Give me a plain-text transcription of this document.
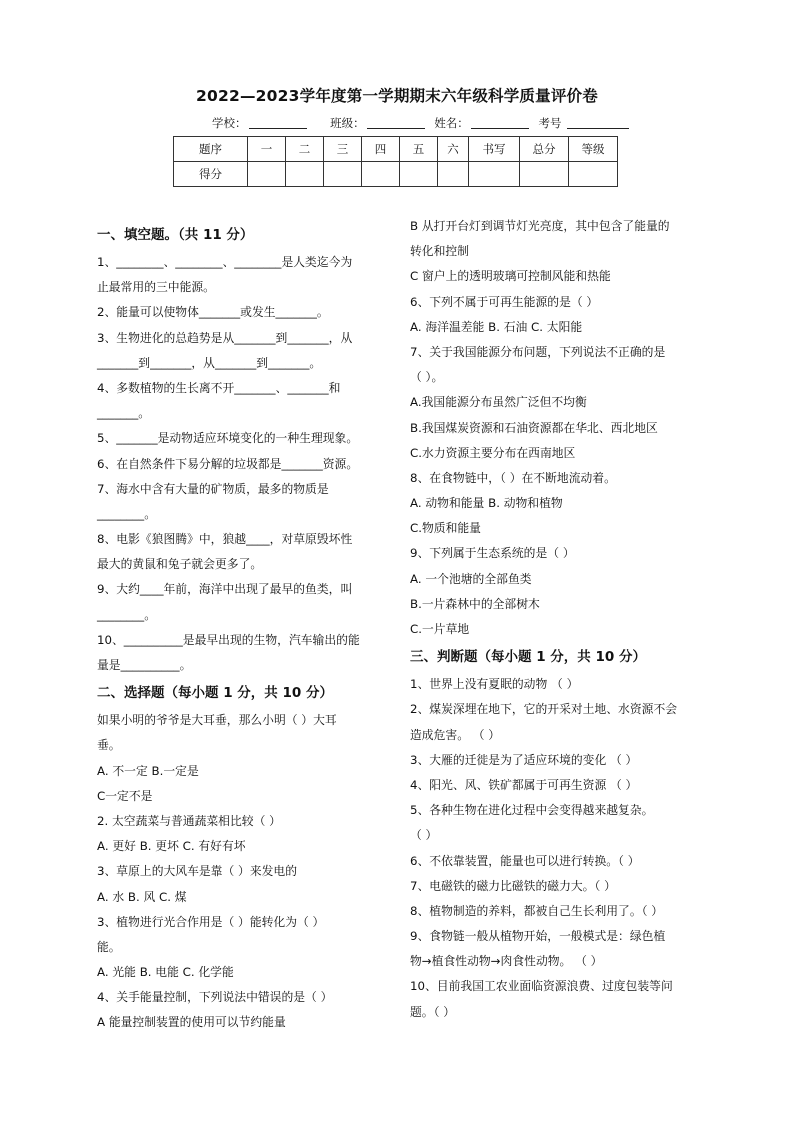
2022—2023学年度第一学期期末六年级科学质量评价卷
学校：	班级：	姓名：	考号
题序	一	二	三	四	五	六	书写	总分	等级
得分									
一、填空题。（共 11 分）
1、________、________、________是人类迄今为
止最常用的三中能源。
2、能量可以使物体_______或发生_______。
3、生物进化的总趋势是从_______到_______，从
_______到_______，从_______到_______。
4、多数植物的生长离不开_______、_______和
_______。
5、_______是动物适应环境变化的一种生理现象。
6、在自然条件下易分解的垃圾都是_______资源。
7、海水中含有大量的矿物质，最多的物质是
________。
8、电影《狼图腾》中，狼越____，对草原毁坏性
最大的黄鼠和兔子就会更多了。
9、大约____年前，海洋中出现了最早的鱼类，叫
________。
10、__________是最早出现的生物，汽车输出的能
量是__________。
二、选择题（每小题 1 分，共 10 分）
如果小明的爷爷是大耳垂，那么小明（ ）大耳
垂。
A. 不一定 B.一定是
C一定不是
2. 太空蔬菜与普通蔬菜相比较（ ）
A. 更好 B. 更坏 C. 有好有坏
3、草原上的大风车是靠（ ）来发电的
A. 水 B. 风 C. 煤
3、植物进行光合作用是（ ）能转化为（ ）
能。
A. 光能 B. 电能 C. 化学能
4、关手能量控制，下列说法中错误的是（ ）
A 能量控制装置的使用可以节约能量
B 从打开台灯到调节灯光亮度，其中包含了能量的
转化和控制
C 窗户上的透明玻璃可控制风能和热能
6、下列不属于可再生能源的是（ ）
A. 海洋温差能 B. 石油 C. 太阳能
7、关于我国能源分布问题，下列说法不正确的是
（ ）。
A.我国能源分布虽然广泛但不均衡
B.我国煤炭资源和石油资源都在华北、西北地区
C.水力资源主要分布在西南地区
8、在食物链中，（ ）在不断地流动着。
A. 动物和能量 B. 动物和植物
C.物质和能量
9、下列属于生态系统的是（ ）
A. 一个池塘的全部鱼类
B.一片森林中的全部树木
C.一片草地
三、判断题（每小题 1 分，共 10 分）
1、世界上没有夏眠的动物 （ ）
2、煤炭深埋在地下，它的开采对土地、水资源不会
造成危害。 （ ）
3、大雁的迁徙是为了适应环境的变化 （ ）
4、阳光、风、铁矿都属于可再生资源 （ ）
5、各种生物在进化过程中会变得越来越复杂。
（ ）
6、不依靠装置，能量也可以进行转换。（ ）
7、电磁铁的磁力比磁铁的磁力大。（ ）
8、植物制造的养料，都被自己生长利用了。（ ）
9、食物链一般从植物开始，一般模式是：绿色植
物→植食性动物→肉食性动物。 （ ）
10、目前我国工农业面临资源浪费、过度包装等问
题。（ ）
